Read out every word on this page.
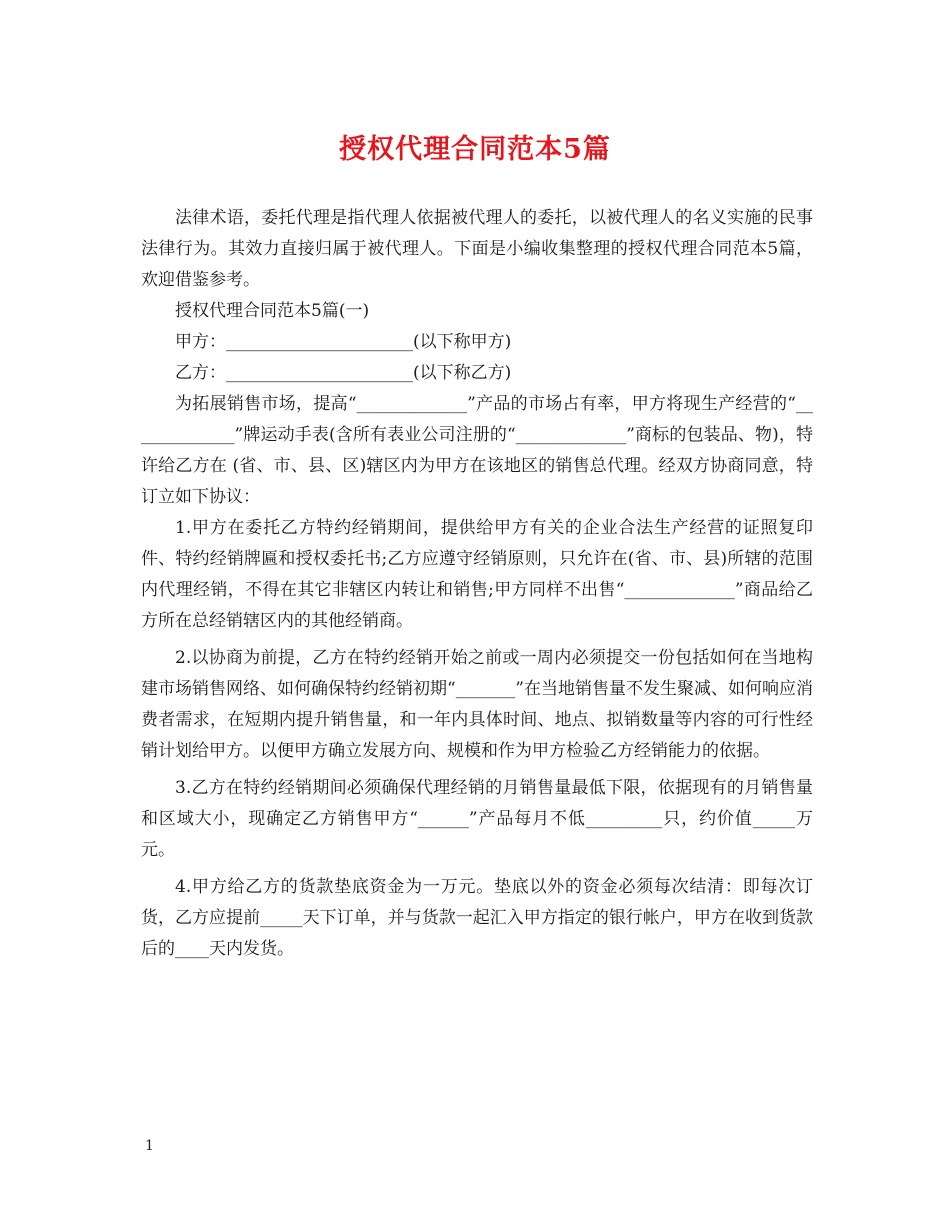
授权代理合同范本5篇

法律术语，委托代理是指代理人依据被代理人的委托，以被代理人的名义实施的民事法律行为。其效力直接归属于被代理人。下面是小编收集整理的授权代理合同范本5篇，欢迎借鉴参考。

授权代理合同范本5篇(一)

甲方：______________________(以下称甲方)

乙方：______________________(以下称乙方)

为拓展销售市场，提高“_____________”产品的市场占有率，甲方将现生产经营的“_____________”牌运动手表(含所有表业公司注册的“_____________”商标的包装品、物)，特许给乙方在 (省、市、县、区)辖区内为甲方在该地区的销售总代理。经双方协商同意，特订立如下协议：

1.甲方在委托乙方特约经销期间，提供给甲方有关的企业合法生产经营的证照复印件、特约经销牌匾和授权委托书;乙方应遵守经销原则，只允许在(省、市、县)所辖的范围内代理经销，不得在其它非辖区内转让和销售;甲方同样不出售“_____________”商品给乙方所在总经销辖区内的其他经销商。

2.以协商为前提，乙方在特约经销开始之前或一周内必须提交一份包括如何在当地构建市场销售网络、如何确保特约经销初期“_______”在当地销售量不发生聚减、如何响应消费者需求，在短期内提升销售量，和一年内具体时间、地点、拟销数量等内容的可行性经销计划给甲方。以便甲方确立发展方向、规模和作为甲方检验乙方经销能力的依据。

3.乙方在特约经销期间必须确保代理经销的月销售量最低下限，依据现有的月销售量和区域大小，现确定乙方销售甲方“______”产品每月不低_________只，约价值_____万元。

4.甲方给乙方的货款垫底资金为一万元。垫底以外的资金必须每次结清：即每次订货，乙方应提前_____天下订单，并与货款一起汇入甲方指定的银行帐户，甲方在收到货款后的____天内发货。

1
